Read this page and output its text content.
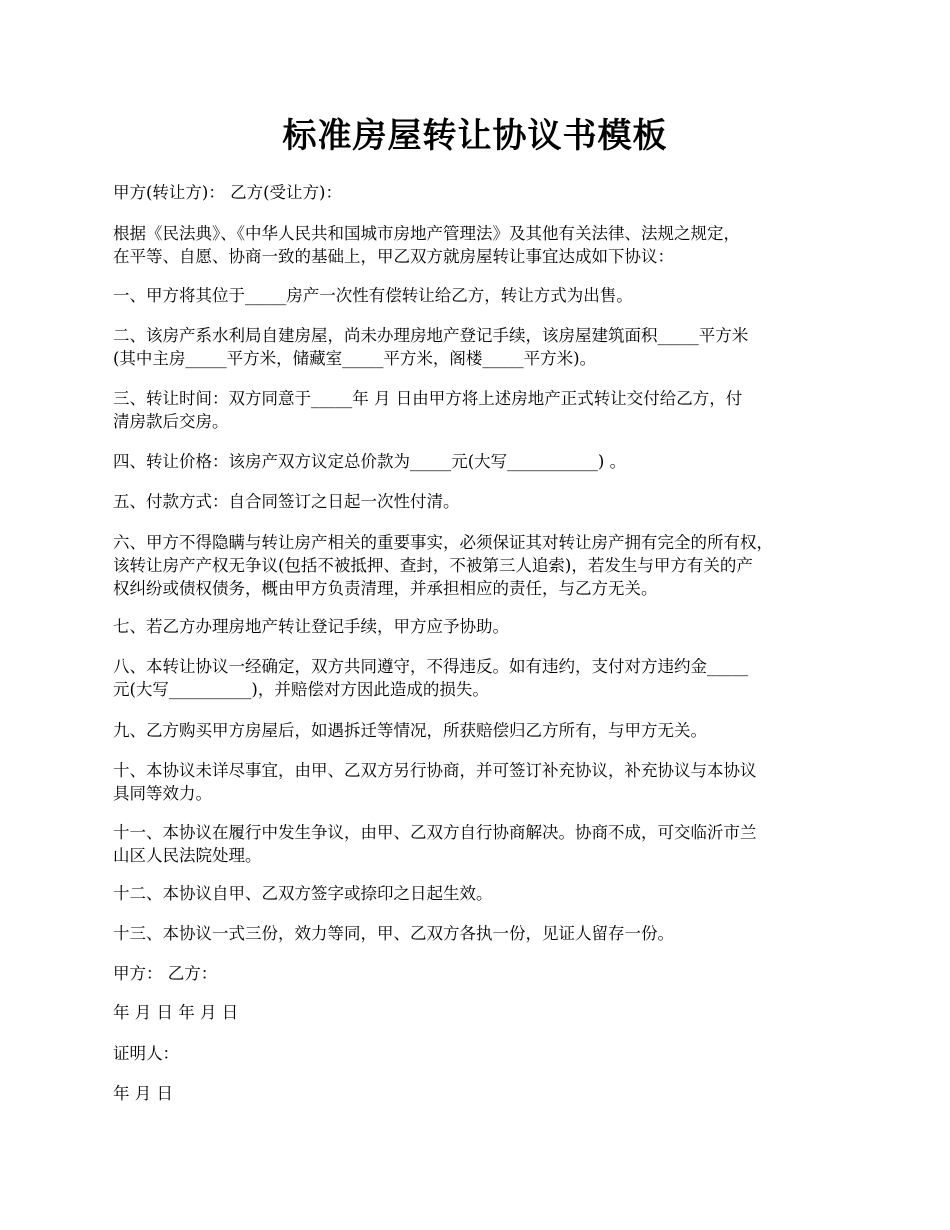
标准房屋转让协议书模板
甲方(转让方)： 乙方(受让方)：
根据《民法典》、《中华人民共和国城市房地产管理法》及其他有关法律、法规之规定，
在平等、自愿、协商一致的基础上，甲乙双方就房屋转让事宜达成如下协议：
一、甲方将其位于_____房产一次性有偿转让给乙方，转让方式为出售。
二、该房产系水利局自建房屋，尚未办理房地产登记手续，该房屋建筑面积_____平方米
(其中主房_____平方米，储藏室_____平方米，阁楼_____平方米)。
三、转让时间：双方同意于_____年 月 日由甲方将上述房地产正式转让交付给乙方，付
清房款后交房。
四、转让价格：该房产双方议定总价款为_____元(大写___________) 。
五、付款方式：自合同签订之日起一次性付清。
六、甲方不得隐瞒与转让房产相关的重要事实，必须保证其对转让房产拥有完全的所有权，
该转让房产产权无争议(包括不被抵押、查封，不被第三人追索)，若发生与甲方有关的产
权纠纷或债权债务，概由甲方负责清理，并承担相应的责任，与乙方无关。
七、若乙方办理房地产转让登记手续，甲方应予协助。
八、本转让协议一经确定，双方共同遵守，不得违反。如有违约，支付对方违约金_____
元(大写__________)，并赔偿对方因此造成的损失。
九、乙方购买甲方房屋后，如遇拆迁等情况，所获赔偿归乙方所有，与甲方无关。
十、本协议未详尽事宜，由甲、乙双方另行协商，并可签订补充协议，补充协议与本协议
具同等效力。
十一、本协议在履行中发生争议，由甲、乙双方自行协商解决。协商不成，可交临沂市兰
山区人民法院处理。
十二、本协议自甲、乙双方签字或捺印之日起生效。
十三、本协议一式三份，效力等同，甲、乙双方各执一份，见证人留存一份。
甲方： 乙方：
年 月 日 年 月 日
证明人：
年 月 日
